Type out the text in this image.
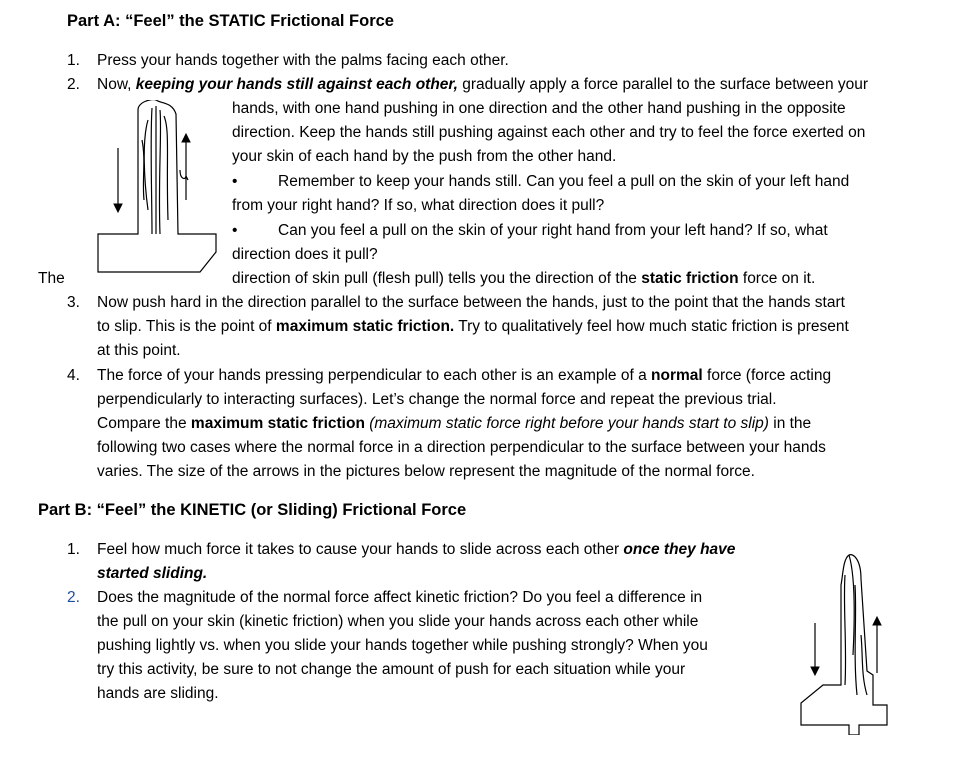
Part A: “Feel” the STATIC Frictional Force
1.	Press your hands together with the palms facing each other.
2.	Now, keeping your hands still against each other, gradually apply a force parallel to the surface between your
hands, with one hand pushing in one direction and the other hand pushing in the opposite
direction. Keep the hands still pushing against each other and try to feel the force exerted on
your skin of each hand by the push from the other hand.
•	Remember to keep your hands still. Can you feel a pull on the skin of your left hand
from your right hand? If so, what direction does it pull?
•	Can you feel a pull on the skin of your right hand from your left hand? If so, what
direction does it pull?
The	direction of skin pull (flesh pull) tells you the direction of the static friction force on it.
3.	Now push hard in the direction parallel to the surface between the hands, just to the point that the hands start
to slip. This is the point of maximum static friction. Try to qualitatively feel how much static friction is present
at this point.
4.	The force of your hands pressing perpendicular to each other is an example of a normal force (force acting
perpendicularly to interacting surfaces). Let’s change the normal force and repeat the previous trial.
Compare the maximum static friction (maximum static force right before your hands start to slip) in the
following two cases where the normal force in a direction perpendicular to the surface between your hands
varies. The size of the arrows in the pictures below represent the magnitude of the normal force.
Part B: “Feel” the KINETIC (or Sliding) Frictional Force
1.	Feel how much force it takes to cause your hands to slide across each other once they have
started sliding.
2.	Does the magnitude of the normal force affect kinetic friction? Do you feel a difference in
the pull on your skin (kinetic friction) when you slide your hands across each other while
pushing lightly vs. when you slide your hands together while pushing strongly? When you
try this activity, be sure to not change the amount of push for each situation while your
hands are sliding.
